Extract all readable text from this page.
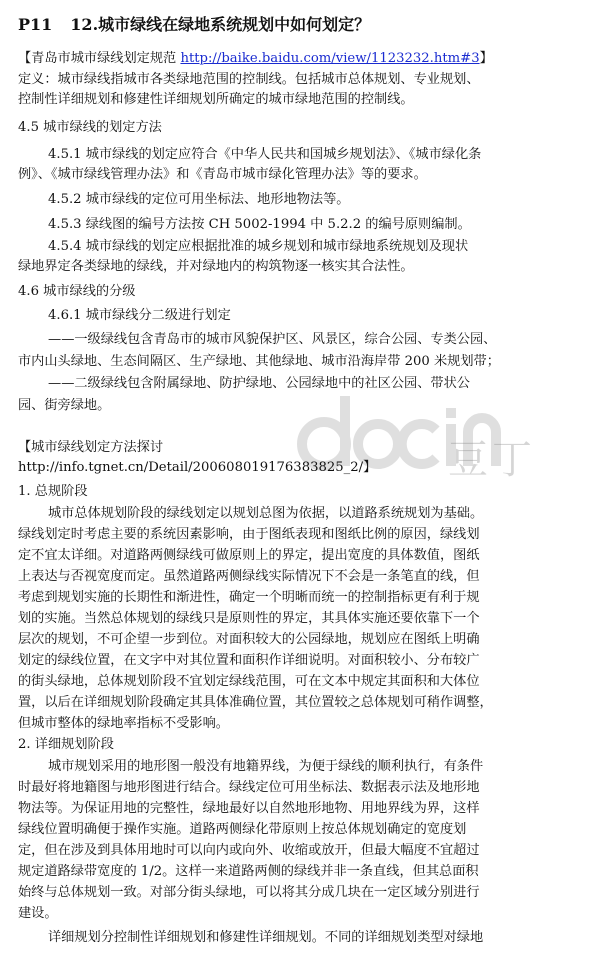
P11 12.城市绿线在绿地系统规划中如何划定？
【青岛市城市绿线划定规范 http://baike.baidu.com/view/1123232.htm#3】
定义：城市绿线指城市各类绿地范围的控制线。包括城市总体规划、专业规划、
控制性详细规划和修建性详细规划所确定的城市绿地范围的控制线。
4.5 城市绿线的划定方法
4.5.1 城市绿线的划定应符合《中华人民共和国城乡规划法》、《城市绿化条
例》、《城市绿线管理办法》和《青岛市城市绿化管理办法》等的要求。
4.5.2 城市绿线的定位可用坐标法、地形地物法等。
4.5.3 绿线图的编号方法按 CH 5002-1994 中 5.2.2 的编号原则编制。
4.5.4 城市绿线的划定应根据批准的城乡规划和城市绿地系统规划及现状
绿地界定各类绿地的绿线，并对绿地内的构筑物逐一核实其合法性。
4.6 城市绿线的分级
4.6.1 城市绿线分二级进行划定
——一级绿线包含青岛市的城市风貌保护区、风景区，综合公园、专类公园、
市内山头绿地、生态间隔区、生产绿地、其他绿地、城市沿海岸带 200 米规划带；
——二级绿线包含附属绿地、防护绿地、公园绿地中的社区公园、带状公
园、街旁绿地。
豆丁
【城市绿线划定方法探讨
http://info.tgnet.cn/Detail/200608019176383825_2/】
1. 总规阶段
城市总体规划阶段的绿线划定以规划总图为依据，以道路系统规划为基础。
绿线划定时考虑主要的系统因素影响，由于图纸表现和图纸比例的原因，绿线划
定不宜太详细。对道路两侧绿线可做原则上的界定，提出宽度的具体数值，图纸
上表达与否视宽度而定。虽然道路两侧绿线实际情况下不会是一条笔直的线，但
考虑到规划实施的长期性和渐进性，确定一个明晰而统一的控制指标更有利于规
划的实施。当然总体规划的绿线只是原则性的界定，其具体实施还要依靠下一个
层次的规划，不可企望一步到位。对面积较大的公园绿地，规划应在图纸上明确
划定的绿线位置，在文字中对其位置和面积作详细说明。对面积较小、分布较广
的街头绿地，总体规划阶段不宜划定绿线范围，可在文本中规定其面积和大体位
置，以后在详细规划阶段确定其具体准确位置，其位置较之总体规划可稍作调整，
但城市整体的绿地率指标不受影响。
2. 详细规划阶段
城市规划采用的地形图一般没有地籍界线，为便于绿线的顺利执行，有条件
时最好将地籍图与地形图进行结合。绿线定位可用坐标法、数据表示法及地形地
物法等。为保证用地的完整性，绿地最好以自然地形地物、用地界线为界，这样
绿线位置明确便于操作实施。道路两侧绿化带原则上按总体规划确定的宽度划
定，但在涉及到具体用地时可以向内或向外、收缩或放开，但最大幅度不宜超过
规定道路绿带宽度的 1/2。这样一来道路两侧的绿线并非一条直线，但其总面积
始终与总体规划一致。对部分街头绿地，可以将其分成几块在一定区域分别进行
建设。
详细规划分控制性详细规划和修建性详细规划。不同的详细规划类型对绿地
